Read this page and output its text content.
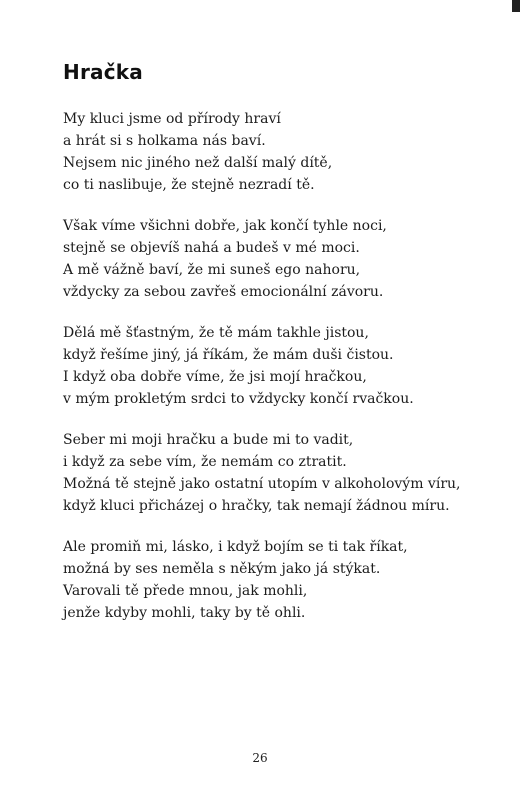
Hračka
My kluci jsme od přírody hraví
a hrát si s holkama nás baví.
Nejsem nic jiného než další malý dítě,
co ti naslibuje, že stejně nezradí tě.
Však víme všichni dobře, jak končí tyhle noci,
stejně se objevíš nahá a budeš v mé moci.
A mě vážně baví, že mi suneš ego nahoru,
vždycky za sebou zavřeš emocionální závoru.
Dělá mě šťastným, že tě mám takhle jistou,
když řešíme jiný, já říkám, že mám duši čistou.
I když oba dobře víme, že jsi mojí hračkou,
v mým prokletým srdci to vždycky končí rvačkou.
Seber mi moji hračku a bude mi to vadit,
i když za sebe vím, že nemám co ztratit.
Možná tě stejně jako ostatní utopím v alkoholovým víru,
když kluci přicházej o hračky, tak nemají žádnou míru.
Ale promiň mi, lásko, i když bojím se ti tak říkat,
možná by ses neměla s někým jako já stýkat.
Varovali tě přede mnou, jak mohli,
jenže kdyby mohli, taky by tě ohli.
26
